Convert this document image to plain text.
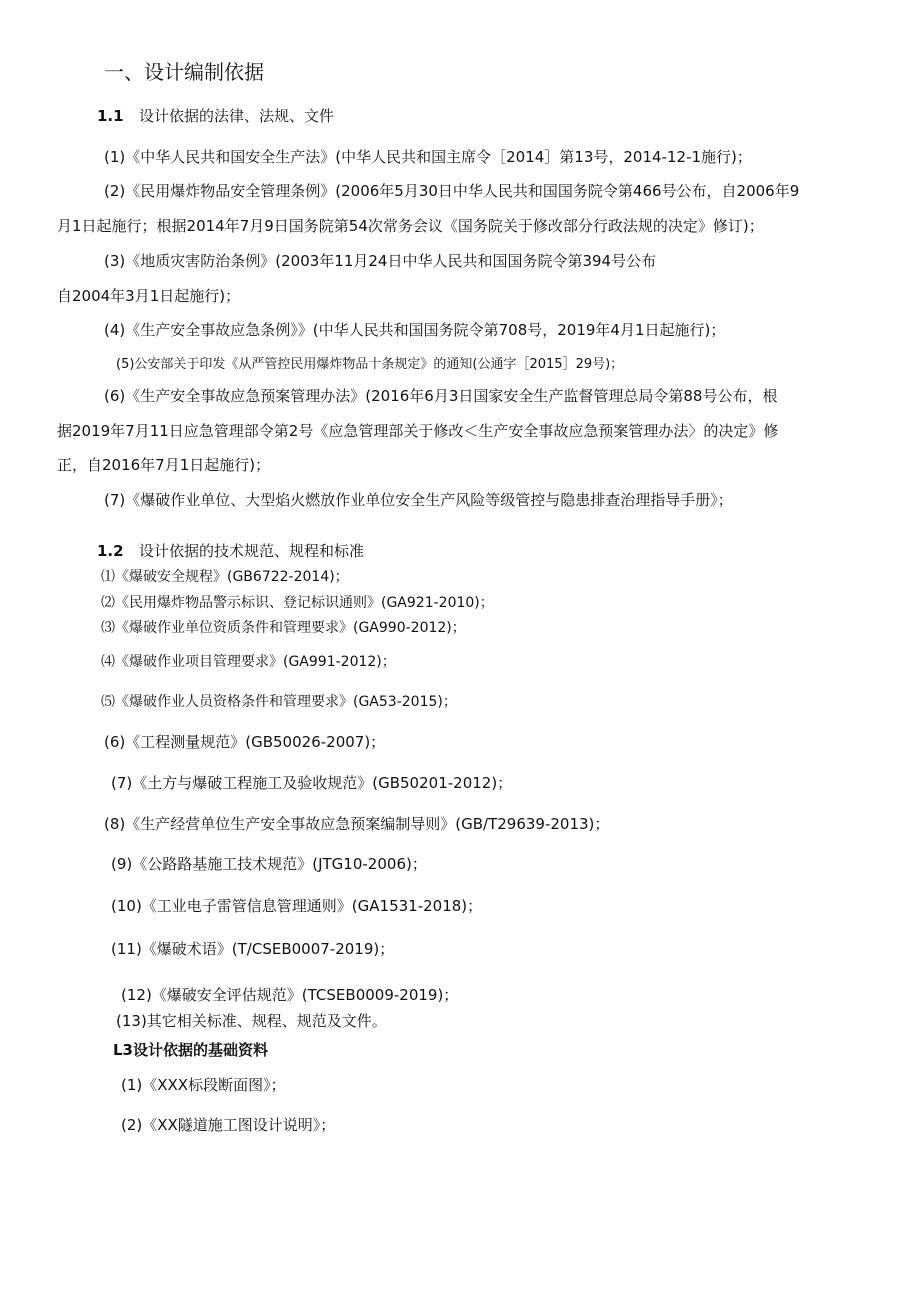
一、设计编制依据
1.1 设计依据的法律、法规、文件
(1)《中华人民共和国安全生产法》(中华人民共和国主席令［2014］第13号，2014-12-1施行)；
(2)《民用爆炸物品安全管理条例》(2006年5月30日中华人民共和国国务院令第466号公布，自2006年9
月1日起施行；根据2014年7月9日国务院第54次常务会议《国务院关于修改部分行政法规的决定》修订)；
(3)《地质灾害防治条例》(2003年11月24日中华人民共和国国务院令第394号公布
自2004年3月1日起施行)；
(4)《生产安全事故应急条例》》(中华人民共和国国务院令第708号，2019年4月1日起施行)；
(5)公安部关于印发《从严管控民用爆炸物品十条规定》的通知(公通字［2015］29号)；
(6)《生产安全事故应急预案管理办法》(2016年6月3日国家安全生产监督管理总局令第88号公布，根
据2019年7月11日应急管理部令第2号《应急管理部关于修改＜生产安全事故应急预案管理办法〉的决定》修
正，自2016年7月1日起施行)；
(7)《爆破作业单位、大型焰火燃放作业单位安全生产风险等级管控与隐患排查治理指导手册》；
1.2 设计依据的技术规范、规程和标准
⑴《爆破安全规程》(GB6722-2014)；
⑵《民用爆炸物品警示标识、登记标识通则》(GA921-2010)；
⑶《爆破作业单位资质条件和管理要求》(GA990-2012)；
⑷《爆破作业项目管理要求》(GA991-2012)；
⑸《爆破作业人员资格条件和管理要求》(GA53-2015)；
(6)《工程测量规范》(GB50026-2007)；
(7)《土方与爆破工程施工及验收规范》(GB50201-2012)；
(8)《生产经营单位生产安全事故应急预案编制导则》(GB/T29639-2013)；
(9)《公路路基施工技术规范》(JTG10-2006)；
(10)《工业电子雷管信息管理通则》(GA1531-2018)；
(11)《爆破术语》(T/CSEB0007-2019)；
(12)《爆破安全评估规范》(TCSEB0009-2019)；
(13)其它相关标准、规程、规范及文件。
L3设计依据的基础资料
(1)《XXX标段断面图》；
(2)《XX隧道施工图设计说明》；
